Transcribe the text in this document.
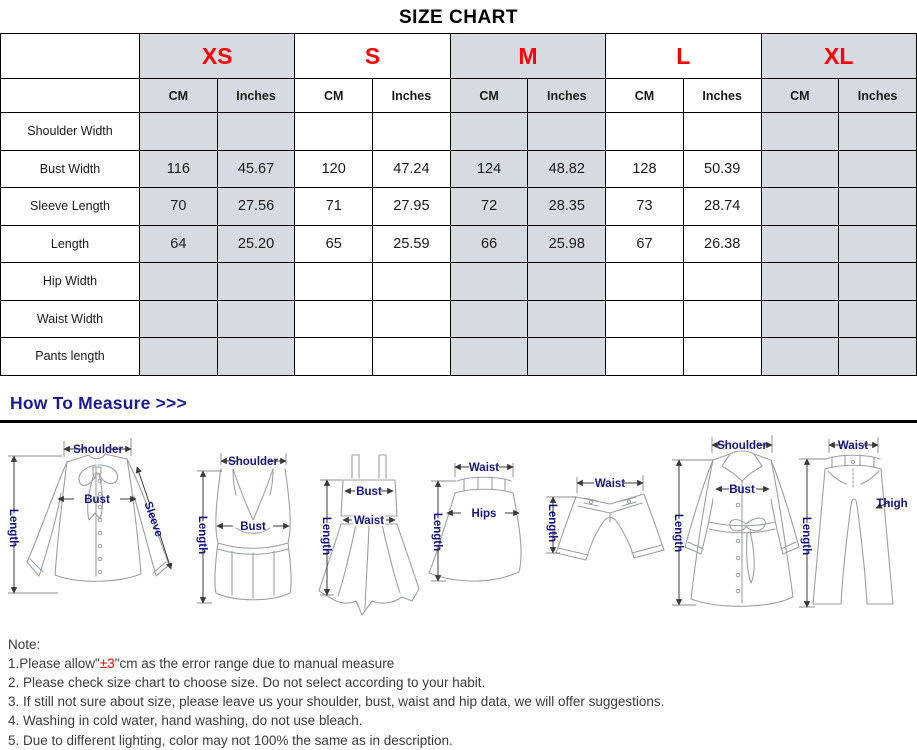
SIZE CHART
	XS		S		M		L		XL	
	CM	Inches	CM	Inches	CM	Inches	CM	Inches	CM	Inches
Shoulder Width										
Bust Width	116	45.67	120	47.24	124	48.82	128	50.39		
Sleeve Length	70	27.56	71	27.95	72	28.35	73	28.74		
Length	64	25.20	65	25.59	66	25.98	67	26.38		
Hip Width										
Waist Width										
Pants length										
How To Measure >>>
Shoulder
Length
Bust
Sleeve
Shoulder
Length	Bust
Bust
Waist
Length
Waist
Hips
Length
Waist
Length
Shoulder
Bust
Length
Waist
Thigh
Length
Note:
1.Please allow"±3"cm as the error range due to manual measure
2. Please check size chart to choose size. Do not select according to your habit.
3. If still not sure about size, please leave us your shoulder, bust, waist and hip data, we will offer suggestions.
4. Washing in cold water, hand washing, do not use bleach.
5. Due to different lighting, color may not 100% the same as in description.
